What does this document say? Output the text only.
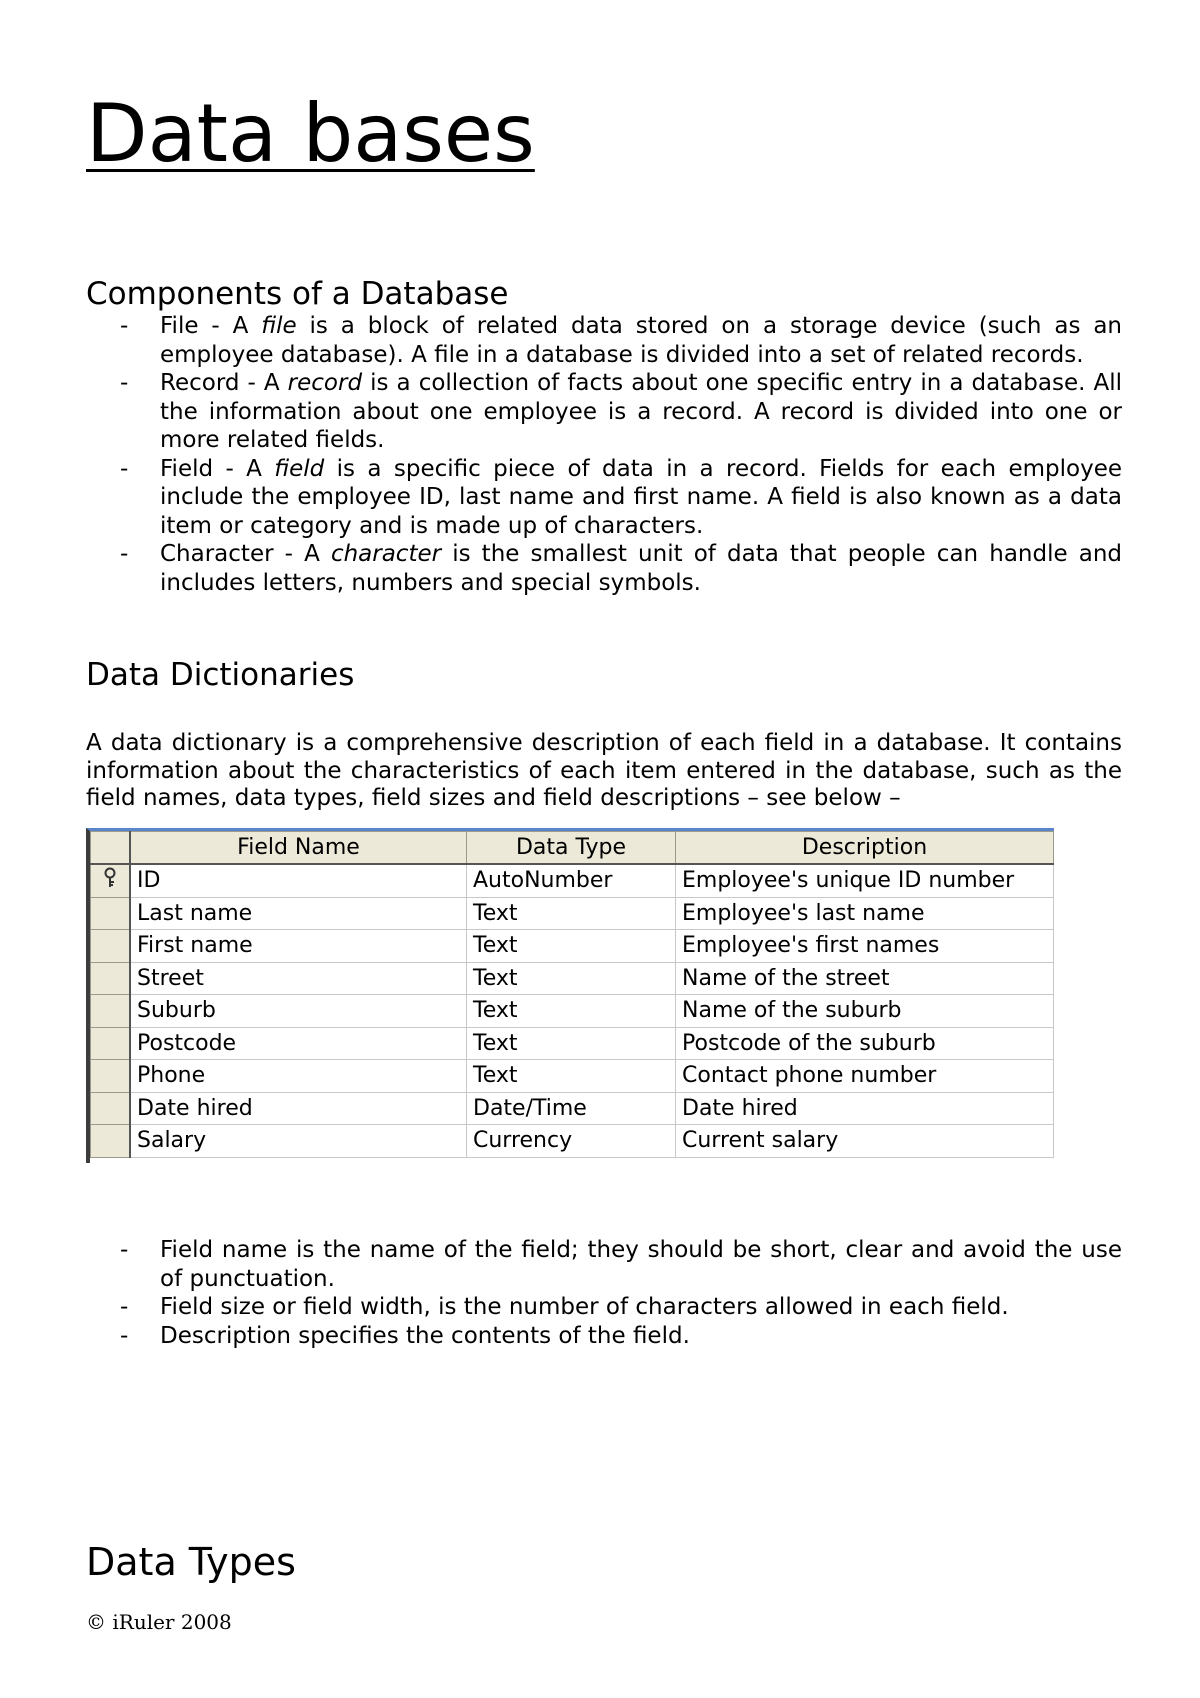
Data bases
Components of a Database
- File - A file is a block of related data stored on a storage device (such as an employee database). A file in a database is divided into a set of related records.
- Record - A record is a collection of facts about one specific entry in a database. All the information about one employee is a record. A record is divided into one or more related fields.
- Field - A field is a specific piece of data in a record. Fields for each employee include the employee ID, last name and first name. A field is also known as a data item or category and is made up of characters.
- Character - A character is the smallest unit of data that people can handle and includes letters, numbers and special symbols.
Data Dictionaries

A data dictionary is a comprehensive description of each field in a database. It contains information about the characteristics of each item entered in the database, such as the field names, data types, field sizes and field descriptions – see below –

	Field Name	Data Type	Description
	ID	AutoNumber	Employee's unique ID number
	Last name	Text	Employee's last name
	First name	Text	Employee's first names
	Street	Text	Name of the street
	Suburb	Text	Name of the suburb
	Postcode	Text	Postcode of the suburb
	Phone	Text	Contact phone number
	Date hired	Date/Time	Date hired
	Salary	Currency	Current salary
- Field name is the name of the field; they should be short, clear and avoid the use of punctuation.
- Field size or field width, is the number of characters allowed in each field.
- Description specifies the contents of the field.
Data Types
© iRuler 2008
